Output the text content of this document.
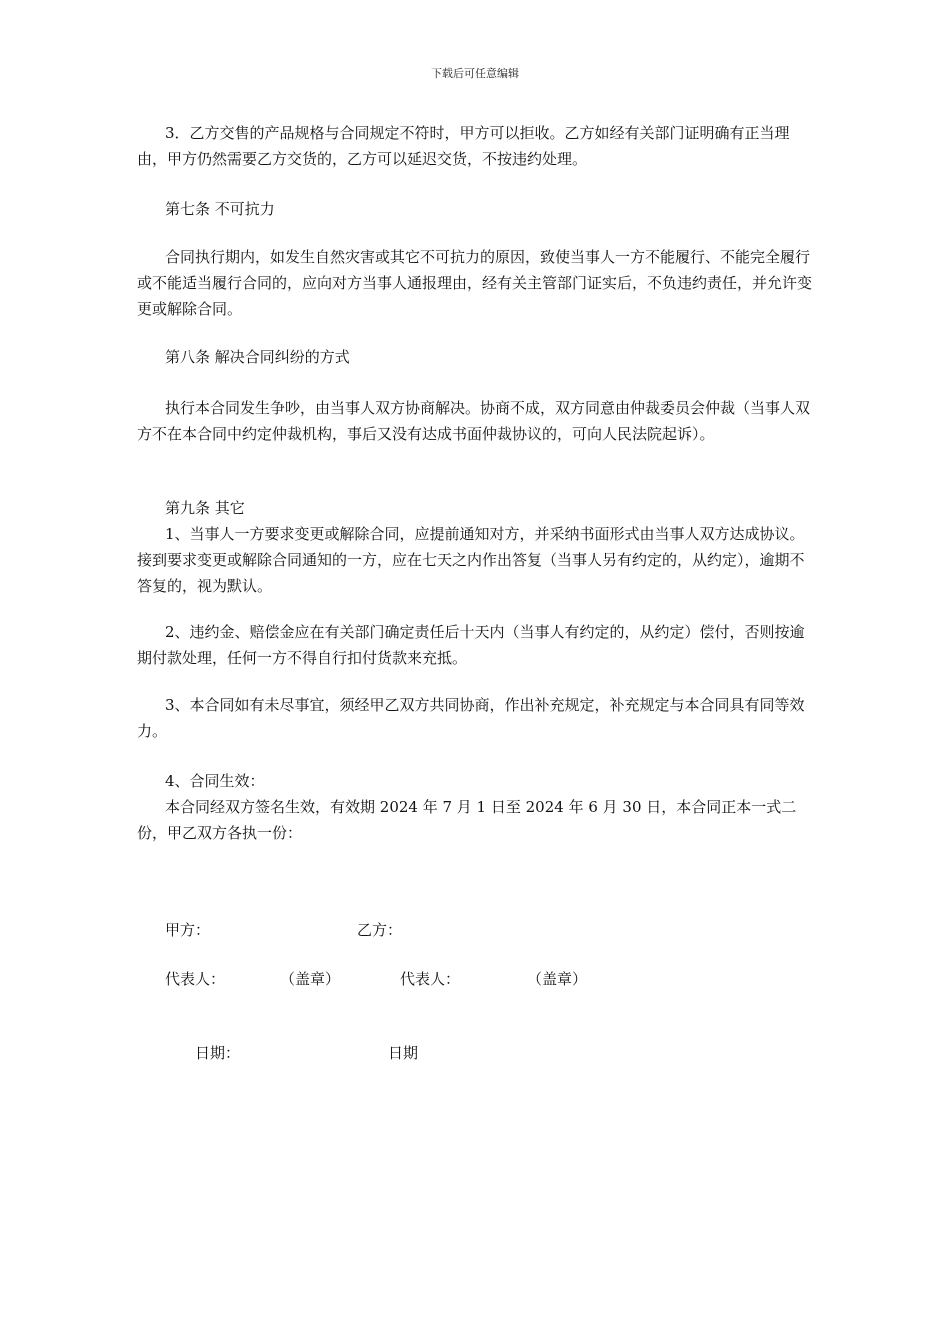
下载后可任意编辑

3．乙方交售的产品规格与合同规定不符时，甲方可以拒收。乙方如经有关部门证明确有正当理由，甲方仍然需要乙方交货的，乙方可以延迟交货，不按违约处理。

第七条 不可抗力

合同执行期内，如发生自然灾害或其它不可抗力的原因，致使当事人一方不能履行、不能完全履行或不能适当履行合同的，应向对方当事人通报理由，经有关主管部门证实后，不负违约责任，并允许变更或解除合同。

第八条 解决合同纠纷的方式

执行本合同发生争吵，由当事人双方协商解决。协商不成，双方同意由仲裁委员会仲裁（当事人双方不在本合同中约定仲裁机构，事后又没有达成书面仲裁协议的，可向人民法院起诉）。

第九条 其它

1、当事人一方要求变更或解除合同，应提前通知对方，并采纳书面形式由当事人双方达成协议。接到要求变更或解除合同通知的一方，应在七天之内作出答复（当事人另有约定的，从约定），逾期不答复的，视为默认。

2、违约金、赔偿金应在有关部门确定责任后十天内（当事人有约定的，从约定）偿付，否则按逾期付款处理，任何一方不得自行扣付货款来充抵。

3、本合同如有未尽事宜，须经甲乙双方共同协商，作出补充规定，补充规定与本合同具有同等效力。

4、合同生效：

本合同经双方签名生效，有效期 2024 年 7 月 1 日至 2024 年 6 月 30 日，本合同正本一式二份，甲乙双方各执一份：

甲方：	乙方：
代表人：	（盖章）	代表人：	（盖章）
日期：	日期
